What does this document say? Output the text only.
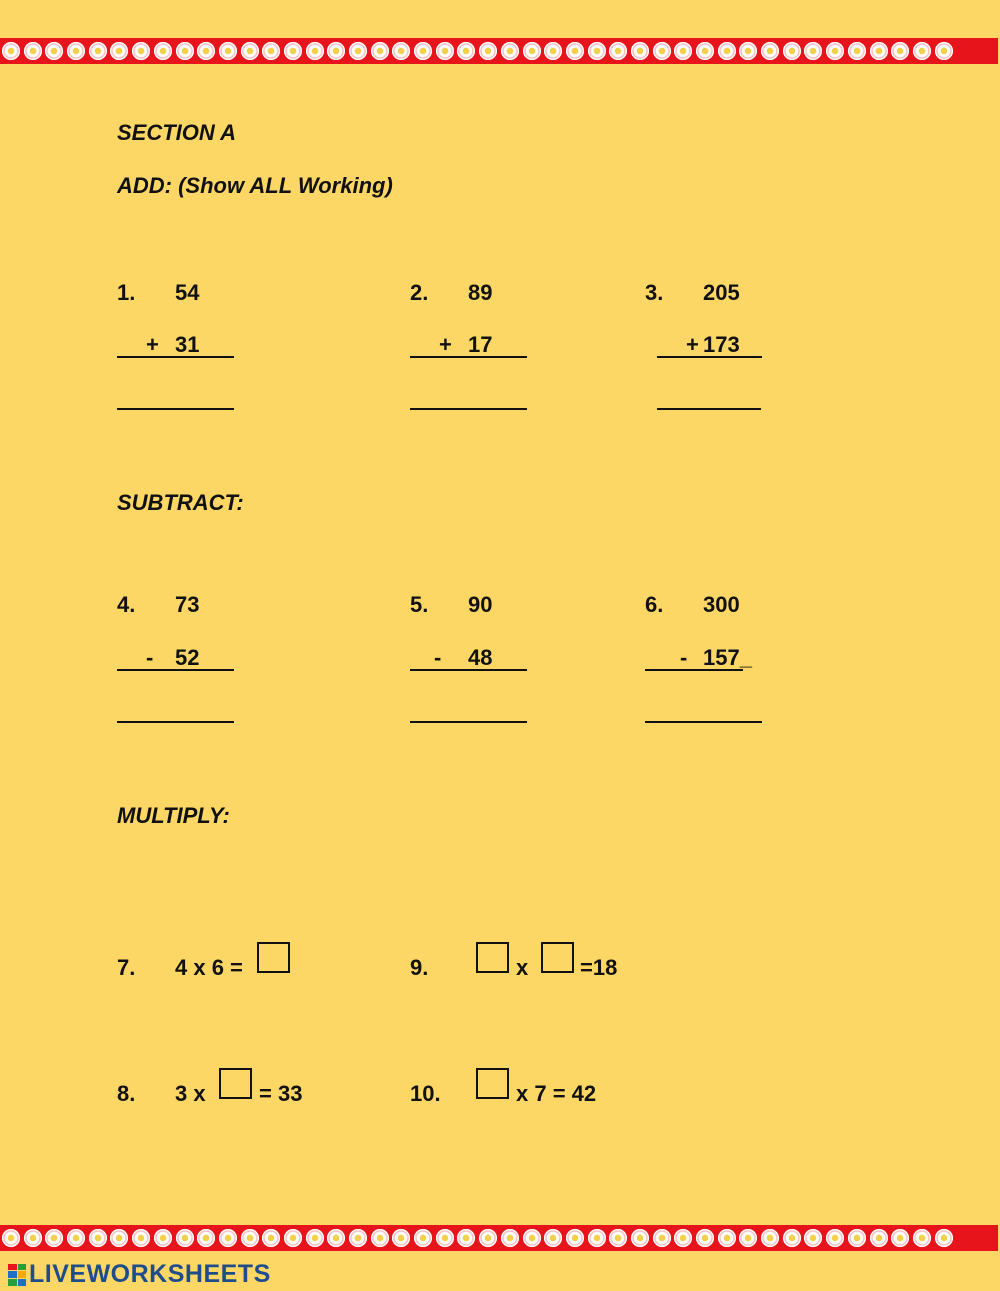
SECTION A
ADD: (Show ALL Working)
1. 54
+ 31
2. 89
+ 17
3. 205
+ 173
SUBTRACT:
4. 73
- 52
5. 90
- 48
6. 300
- 157_
MULTIPLY:
7. 4 x 6 =	9.	x =18
8. 3 x = 33	10.	x 7 = 42
LIVEWORKSHEETS
